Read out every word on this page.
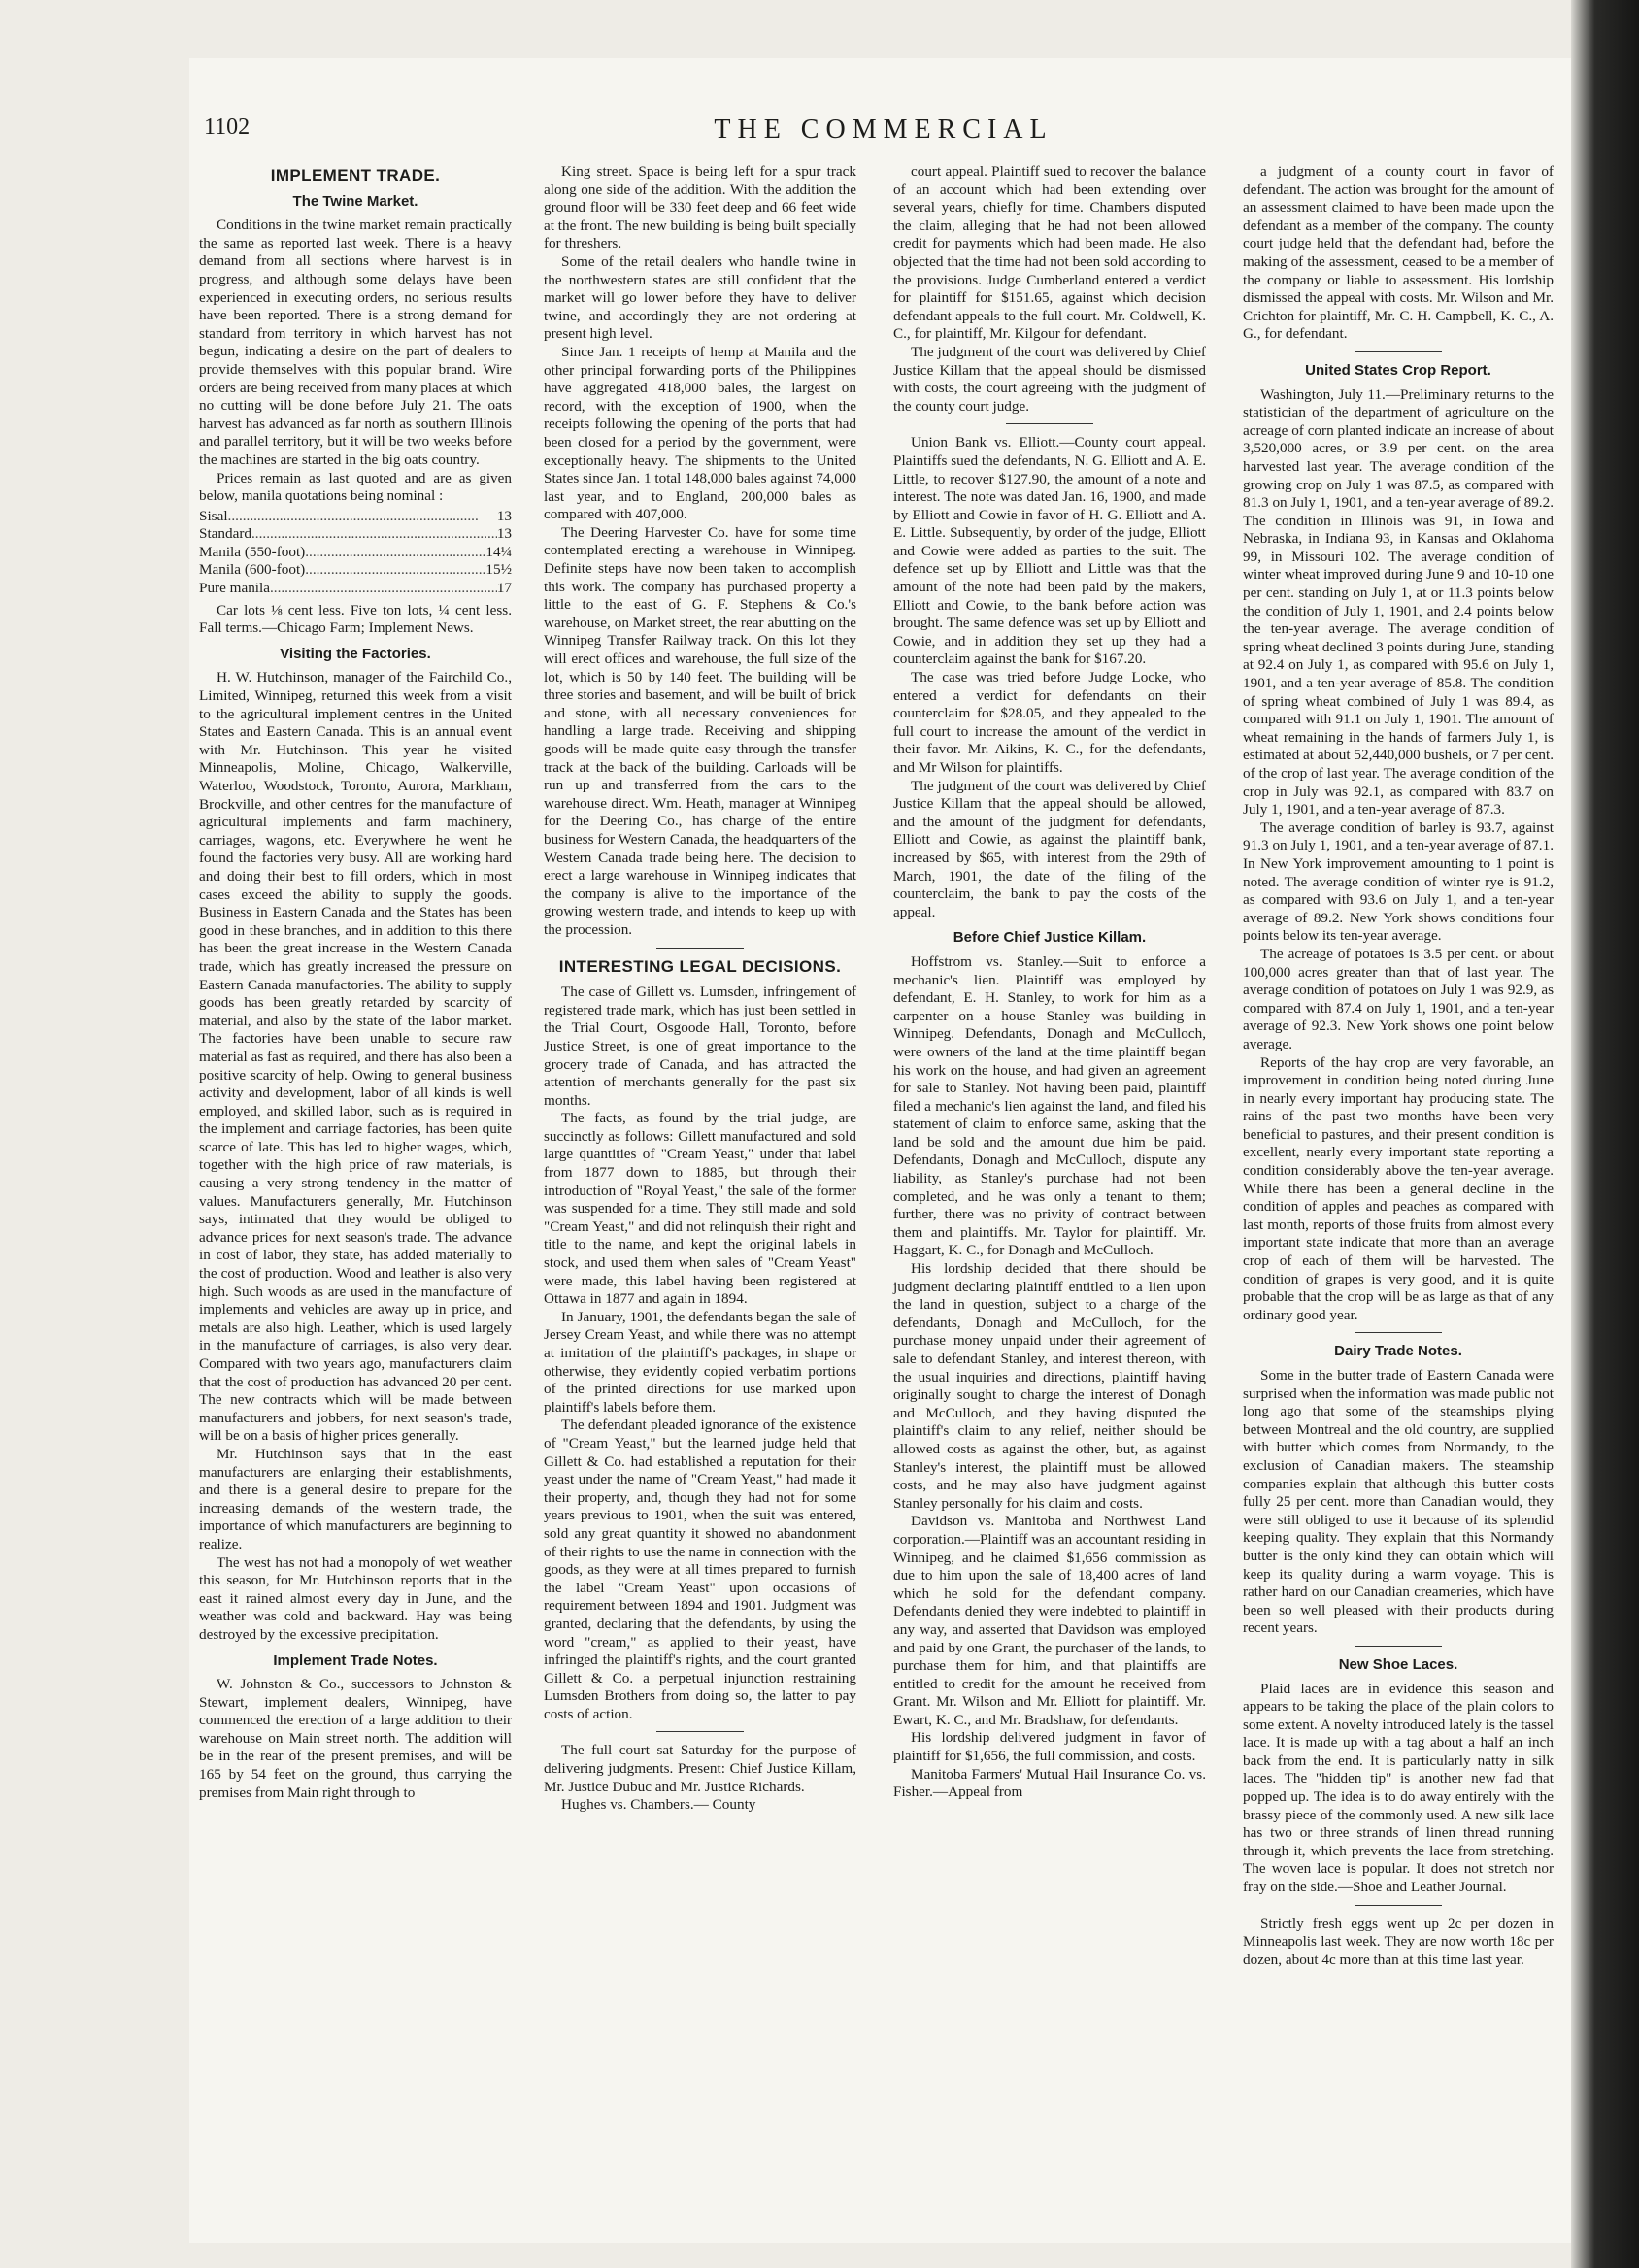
1102	THE COMMERCIAL
IMPLEMENT TRADE.
The Twine Market.

Conditions in the twine market remain practically the same as reported last week. There is a heavy demand from all sections where harvest is in progress, and although some delays have been experienced in executing orders, no serious results have been reported. There is a strong demand for standard from territory in which harvest has not begun, indicating a desire on the part of dealers to provide themselves with this popular brand. Wire orders are being received from many places at which no cutting will be done before July 21. The oats harvest has advanced as far north as southern Illinois and parallel territory, but it will be two weeks before the machines are started in the big oats country.

Prices remain as last quoted and are as given below, manila quotations being nominal :

Sisal .....	13
Standard .....	13
Manila (550-foot) .....	14¼
Manila (600-foot) .....	15½
Pure manila .....	17

Car lots ⅛ cent less. Five ton lots, ¼ cent less. Fall terms.—Chicago Farm; Implement News.

Visiting the Factories.

H. W. Hutchinson, manager of the Fairchild Co., Limited, Winnipeg, returned this week from a visit to the agricultural implement centres in the United States and Eastern Canada. This is an annual event with Mr. Hutchinson. This year he visited Minneapolis, Moline, Chicago, Walkerville, Waterloo, Woodstock, Toronto, Aurora, Markham, Brockville, and other centres for the manufacture of agricultural implements and farm machinery, carriages, wagons, etc. Everywhere he went he found the factories very busy. All are working hard and doing their best to fill orders, which in most cases exceed the ability to supply the goods. Business in Eastern Canada and the States has been good in these branches, and in addition to this there has been the great increase in the Western Canada trade, which has greatly increased the pressure on Eastern Canada manufactories. The ability to supply goods has been greatly retarded by scarcity of material, and also by the state of the labor market. The factories have been unable to secure raw material as fast as required, and there has also been a positive scarcity of help. Owing to general business activity and development, labor of all kinds is well employed, and skilled labor, such as is required in the implement and carriage factories, has been quite scarce of late. This has led to higher wages, which, together with the high price of raw materials, is causing a very strong tendency in the matter of values. Manufacturers generally, Mr. Hutchinson says, intimated that they would be obliged to advance prices for next season's trade. The advance in cost of labor, they state, has added materially to the cost of production. Wood and leather is also very high. Such woods as are used in the manufacture of implements and vehicles are away up in price, and metals are also high. Leather, which is used largely in the manufacture of carriages, is also very dear. Compared with two years ago, manufacturers claim that the cost of production has advanced 20 per cent. The new contracts which will be made between manufacturers and jobbers, for next season's trade, will be on a basis of higher prices generally.

Mr. Hutchinson says that in the east manufacturers are enlarging their establishments, and there is a general desire to prepare for the increasing demands of the western trade, the importance of which manufacturers are beginning to realize.

The west has not had a monopoly of wet weather this season, for Mr. Hutchinson reports that in the east it rained almost every day in June, and the weather was cold and backward. Hay was being destroyed by the excessive precipitation.

Implement Trade Notes.

W. Johnston & Co., successors to Johnston & Stewart, implement dealers, Winnipeg, have commenced the erection of a large addition to their warehouse on Main street north. The addition will be in the rear of the present premises, and will be 165 by 54 feet on the ground, thus carrying the premises from Main right through to

King street. Space is being left for a spur track along one side of the addition. With the addition the ground floor will be 330 feet deep and 66 feet wide at the front. The new building is being built specially for threshers.

Some of the retail dealers who handle twine in the northwestern states are still confident that the market will go lower before they have to deliver twine, and accordingly they are not ordering at present high level.

Since Jan. 1 receipts of hemp at Manila and the other principal forwarding ports of the Philippines have aggregated 418,000 bales, the largest on record, with the exception of 1900, when the receipts following the opening of the ports that had been closed for a period by the government, were exceptionally heavy. The shipments to the United States since Jan. 1 total 148,000 bales against 74,000 last year, and to England, 200,000 bales as compared with 407,000.

The Deering Harvester Co. have for some time contemplated erecting a warehouse in Winnipeg. Definite steps have now been taken to accomplish this work. The company has purchased property a little to the east of G. F. Stephens & Co.'s warehouse, on Market street, the rear abutting on the Winnipeg Transfer Railway track. On this lot they will erect offices and warehouse, the full size of the lot, which is 50 by 140 feet. The building will be three stories and basement, and will be built of brick and stone, with all necessary conveniences for handling a large trade. Receiving and shipping goods will be made quite easy through the transfer track at the back of the building. Carloads will be run up and transferred from the cars to the warehouse direct. Wm. Heath, manager at Winnipeg for the Deering Co., has charge of the entire business for Western Canada, the headquarters of the Western Canada trade being here. The decision to erect a large warehouse in Winnipeg indicates that the company is alive to the importance of the growing western trade, and intends to keep up with the procession.

INTERESTING LEGAL DECISIONS.

The case of Gillett vs. Lumsden, infringement of registered trade mark, which has just been settled in the Trial Court, Osgoode Hall, Toronto, before Justice Street, is one of great importance to the grocery trade of Canada, and has attracted the attention of merchants generally for the past six months.

The facts, as found by the trial judge, are succinctly as follows: Gillett manufactured and sold large quantities of "Cream Yeast," under that label from 1877 down to 1885, but through their introduction of "Royal Yeast," the sale of the former was suspended for a time. They still made and sold "Cream Yeast," and did not relinquish their right and title to the name, and kept the original labels in stock, and used them when sales of "Cream Yeast" were made, this label having been registered at Ottawa in 1877 and again in 1894.

In January, 1901, the defendants began the sale of Jersey Cream Yeast, and while there was no attempt at imitation of the plaintiff's packages, in shape or otherwise, they evidently copied verbatim portions of the printed directions for use marked upon plaintiff's labels before them.

The defendant pleaded ignorance of the existence of "Cream Yeast," but the learned judge held that Gillett & Co. had established a reputation for their yeast under the name of "Cream Yeast," had made it their property, and, though they had not for some years previous to 1901, when the suit was entered, sold any great quantity it showed no abandonment of their rights to use the name in connection with the goods, as they were at all times prepared to furnish the label "Cream Yeast" upon occasions of requirement between 1894 and 1901. Judgment was granted, declaring that the defendants, by using the word "cream," as applied to their yeast, have infringed the plaintiff's rights, and the court granted Gillett & Co. a perpetual injunction restraining Lumsden Brothers from doing so, the latter to pay costs of action.

The full court sat Saturday for the purpose of delivering judgments. Present: Chief Justice Killam, Mr. Justice Dubuc and Mr. Justice Richards.

Hughes vs. Chambers.— County

court appeal. Plaintiff sued to recover the balance of an account which had been extending over several years, chiefly for time. Chambers disputed the claim, alleging that he had not been allowed credit for payments which had been made. He also objected that the time had not been sold according to the provisions. Judge Cumberland entered a verdict for plaintiff for $151.65, against which decision defendant appeals to the full court. Mr. Coldwell, K. C., for plaintiff, Mr. Kilgour for defendant.

The judgment of the court was delivered by Chief Justice Killam that the appeal should be dismissed with costs, the court agreeing with the judgment of the county court judge.

Union Bank vs. Elliott.—County court appeal. Plaintiffs sued the defendants, N. G. Elliott and A. E. Little, to recover $127.90, the amount of a note and interest. The note was dated Jan. 16, 1900, and made by Elliott and Cowie in favor of H. G. Elliott and A. E. Little. Subsequently, by order of the judge, Elliott and Cowie were added as parties to the suit. The defence set up by Elliott and Little was that the amount of the note had been paid by the makers, Elliott and Cowie, to the bank before action was brought. The same defence was set up by Elliott and Cowie, and in addition they set up they had a counterclaim against the bank for $167.20.

The case was tried before Judge Locke, who entered a verdict for defendants on their counterclaim for $28.05, and they appealed to the full court to increase the amount of the verdict in their favor. Mr. Aikins, K. C., for the defendants, and Mr Wilson for plaintiffs.

The judgment of the court was delivered by Chief Justice Killam that the appeal should be allowed, and the amount of the judgment for defendants, Elliott and Cowie, as against the plaintiff bank, increased by $65, with interest from the 29th of March, 1901, the date of the filing of the counterclaim, the bank to pay the costs of the appeal.

Before Chief Justice Killam.

Hoffstrom vs. Stanley.—Suit to enforce a mechanic's lien. Plaintiff was employed by defendant, E. H. Stanley, to work for him as a carpenter on a house Stanley was building in Winnipeg. Defendants, Donagh and McCulloch, were owners of the land at the time plaintiff began his work on the house, and had given an agreement for sale to Stanley. Not having been paid, plaintiff filed a mechanic's lien against the land, and filed his statement of claim to enforce same, asking that the land be sold and the amount due him be paid. Defendants, Donagh and McCulloch, dispute any liability, as Stanley's purchase had not been completed, and he was only a tenant to them; further, there was no privity of contract between them and plaintiffs. Mr. Taylor for plaintiff. Mr. Haggart, K. C., for Donagh and McCulloch.

His lordship decided that there should be judgment declaring plaintiff entitled to a lien upon the land in question, subject to a charge of the defendants, Donagh and McCulloch, for the purchase money unpaid under their agreement of sale to defendant Stanley, and interest thereon, with the usual inquiries and directions, plaintiff having originally sought to charge the interest of Donagh and McCulloch, and they having disputed the plaintiff's claim to any relief, neither should be allowed costs as against the other, but, as against Stanley's interest, the plaintiff must be allowed costs, and he may also have judgment against Stanley personally for his claim and costs.

Davidson vs. Manitoba and Northwest Land corporation.—Plaintiff was an accountant residing in Winnipeg, and he claimed $1,656 commission as due to him upon the sale of 18,400 acres of land which he sold for the defendant company. Defendants denied they were indebted to plaintiff in any way, and asserted that Davidson was employed and paid by one Grant, the purchaser of the lands, to purchase them for him, and that plaintiffs are entitled to credit for the amount he received from Grant. Mr. Wilson and Mr. Elliott for plaintiff. Mr. Ewart, K. C., and Mr. Bradshaw, for defendants.

His lordship delivered judgment in favor of plaintiff for $1,656, the full commission, and costs.

Manitoba Farmers' Mutual Hail Insurance Co. vs. Fisher.—Appeal from

a judgment of a county court in favor of defendant. The action was brought for the amount of an assessment claimed to have been made upon the defendant as a member of the company. The county court judge held that the defendant had, before the making of the assessment, ceased to be a member of the company or liable to assessment. His lordship dismissed the appeal with costs. Mr. Wilson and Mr. Crichton for plaintiff, Mr. C. H. Campbell, K. C., A. G., for defendant.

United States Crop Report.

Washington, July 11.—Preliminary returns to the statistician of the department of agriculture on the acreage of corn planted indicate an increase of about 3,520,000 acres, or 3.9 per cent. on the area harvested last year. The average condition of the growing crop on July 1 was 87.5, as compared with 81.3 on July 1, 1901, and a ten-year average of 89.2. The condition in Illinois was 91, in Iowa and Nebraska, in Indiana 93, in Kansas and Oklahoma 99, in Missouri 102. The average condition of winter wheat improved during June 9 and 10-10 one per cent. standing on July 1, at or 11.3 points below the condition of July 1, 1901, and 2.4 points below the ten-year average. The average condition of spring wheat declined 3 points during June, standing at 92.4 on July 1, as compared with 95.6 on July 1, 1901, and a ten-year average of 85.8. The condition of spring wheat combined of July 1 was 89.4, as compared with 91.1 on July 1, 1901. The amount of wheat remaining in the hands of farmers July 1, is estimated at about 52,440,000 bushels, or 7 per cent. of the crop of last year. The average condition of the crop in July was 92.1, as compared with 83.7 on July 1, 1901, and a ten-year average of 87.3.

The average condition of barley is 93.7, against 91.3 on July 1, 1901, and a ten-year average of 87.1. In New York improvement amounting to 1 point is noted. The average condition of winter rye is 91.2, as compared with 93.6 on July 1, and a ten-year average of 89.2. New York shows conditions four points below its ten-year average.

The acreage of potatoes is 3.5 per cent. or about 100,000 acres greater than that of last year. The average condition of potatoes on July 1 was 92.9, as compared with 87.4 on July 1, 1901, and a ten-year average of 92.3. New York shows one point below average.

Reports of the hay crop are very favorable, an improvement in condition being noted during June in nearly every important hay producing state. The rains of the past two months have been very beneficial to pastures, and their present condition is excellent, nearly every important state reporting a condition considerably above the ten-year average. While there has been a general decline in the condition of apples and peaches as compared with last month, reports of those fruits from almost every important state indicate that more than an average crop of each of them will be harvested. The condition of grapes is very good, and it is quite probable that the crop will be as large as that of any ordinary good year.

Dairy Trade Notes.

Some in the butter trade of Eastern Canada were surprised when the information was made public not long ago that some of the steamships plying between Montreal and the old country, are supplied with butter which comes from Normandy, to the exclusion of Canadian makers. The steamship companies explain that although this butter costs fully 25 per cent. more than Canadian would, they were still obliged to use it because of its splendid keeping quality. They explain that this Normandy butter is the only kind they can obtain which will keep its quality during a warm voyage. This is rather hard on our Canadian creameries, which have been so well pleased with their products during recent years.

New Shoe Laces.

Plaid laces are in evidence this season and appears to be taking the place of the plain colors to some extent. A novelty introduced lately is the tassel lace. It is made up with a tag about a half an inch back from the end. It is particularly natty in silk laces. The "hidden tip" is another new fad that popped up. The idea is to do away entirely with the brassy piece of the commonly used. A new silk lace has two or three strands of linen thread running through it, which prevents the lace from stretching. The woven lace is popular. It does not stretch nor fray on the side.—Shoe and Leather Journal.

Strictly fresh eggs went up 2c per dozen in Minneapolis last week. They are now worth 18c per dozen, about 4c more than at this time last year.
